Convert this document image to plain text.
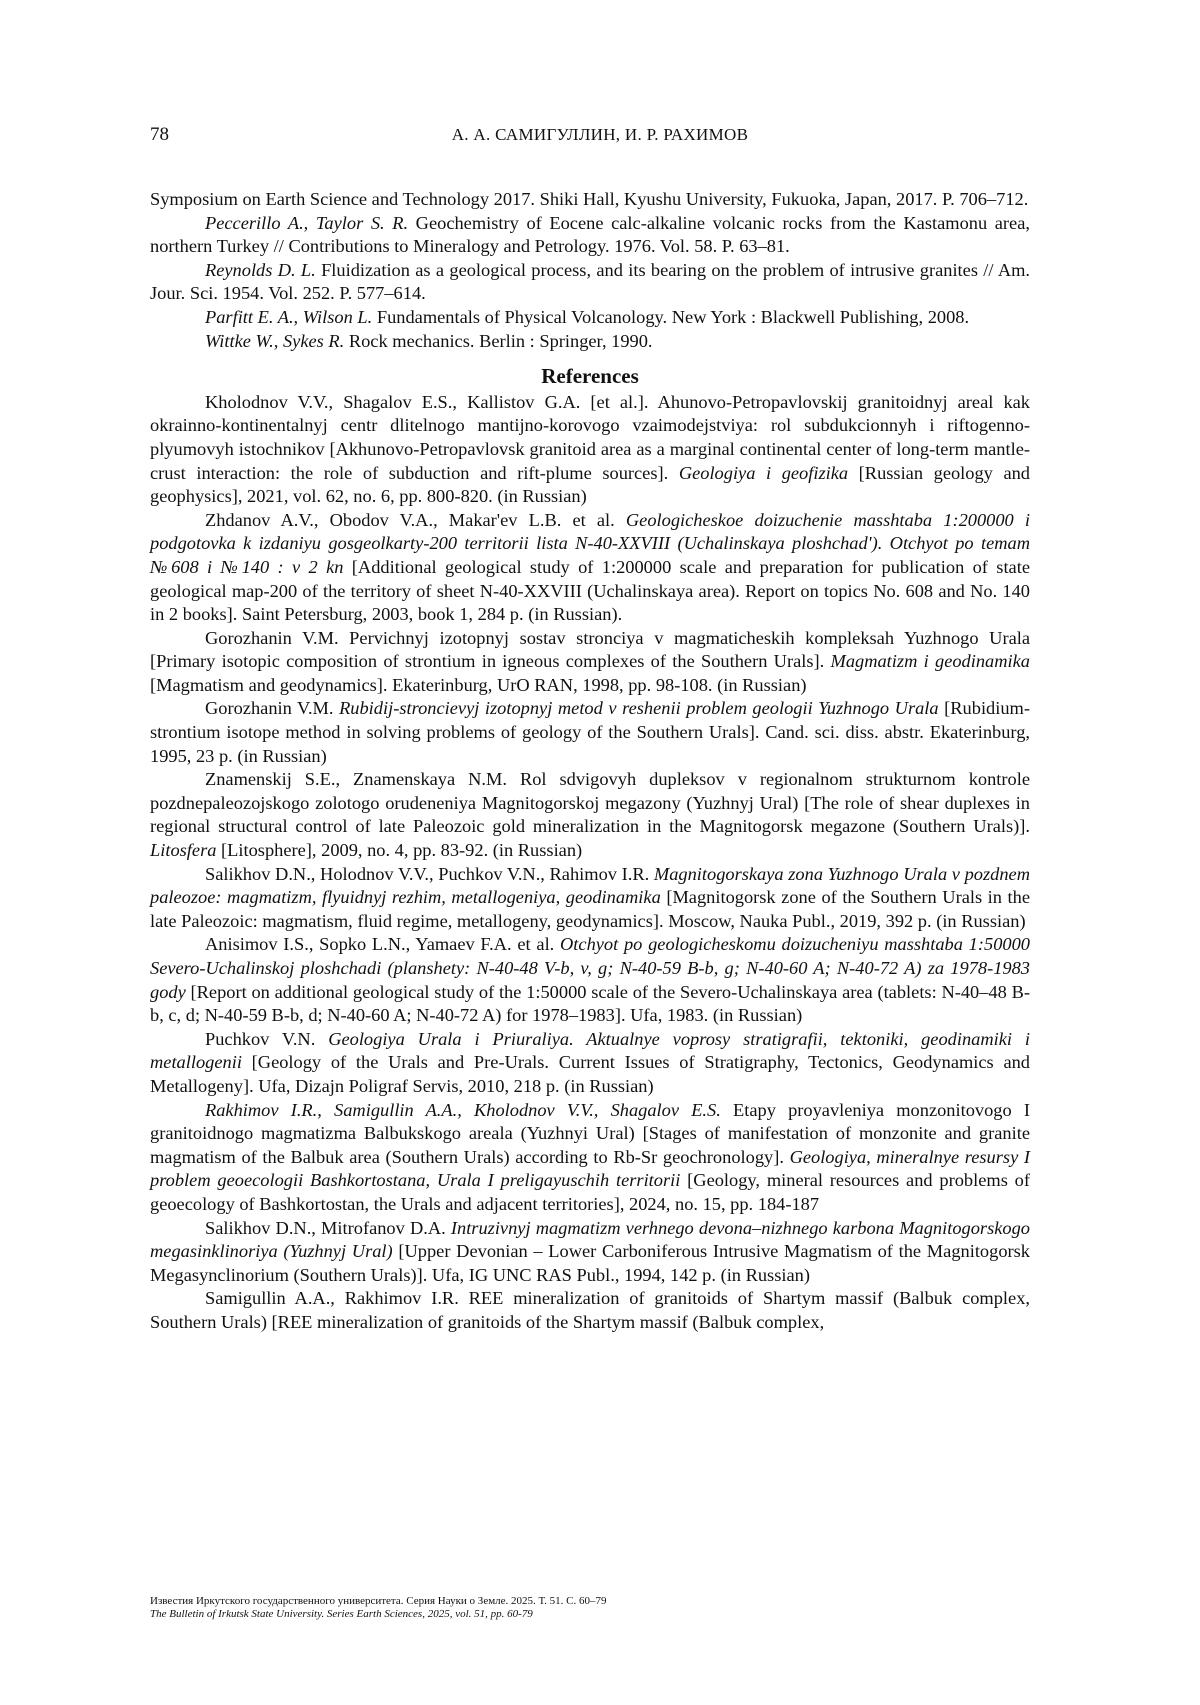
78	А. А. САМИГУЛЛИН, И. Р. РАХИМОВ

Symposium on Earth Science and Technology 2017. Shiki Hall, Kyushu University, Fukuoka, Japan, 2017. P. 706–712.

Peccerillo A., Taylor S. R. Geochemistry of Eocene calc-alkaline volcanic rocks from the Kastamonu area, northern Turkey // Contributions to Mineralogy and Petrology. 1976. Vol. 58. P. 63–81.

Reynolds D. L. Fluidization as a geological process, and its bearing on the problem of intrusive granites // Am. Jour. Sci. 1954. Vol. 252. P. 577–614.

Parfitt E. A., Wilson L. Fundamentals of Physical Volcanology. New York : Blackwell Publishing, 2008.

Wittke W., Sykes R. Rock mechanics. Berlin : Springer, 1990.

References

Kholodnov V.V., Shagalov E.S., Kallistov G.A. [et al.]. Ahunovo-Petropavlovskij granitoidnyj areal kak okrainno-kontinentalnyj centr dlitelnogo mantijno-korovogo vzaimodejstviya: rol subdukcionnyh i riftogenno-plyumovyh istochnikov [Akhunovo-Petropavlovsk granitoid area as a marginal continental center of long-term mantle-crust interaction: the role of subduction and rift-plume sources]. Geologiya i geofizika [Russian geology and geophysics], 2021, vol. 62, no. 6, pp. 800-820. (in Russian)

Zhdanov A.V., Obodov V.A., Makar'ev L.B. et al. Geologicheskoe doizuchenie masshtaba 1:200000 i podgotovka k izdaniyu gosgeolkarty-200 territorii lista N-40-XXVIII (Uchalinskaya ploshchad'). Otchyot po temam №608 i №140 : v 2 kn [Additional geological study of 1:200000 scale and preparation for publication of state geological map-200 of the territory of sheet N-40-XXVIII (Uchalinskaya area). Report on topics No. 608 and No. 140 in 2 books]. Saint Petersburg, 2003, book 1, 284 p. (in Russian).

Gorozhanin V.M. Pervichnyj izotopnyj sostav stronciya v magmaticheskih kompleksah Yuzhnogo Urala [Primary isotopic composition of strontium in igneous complexes of the Southern Urals]. Magmatizm i geodinamika [Magmatism and geodynamics]. Ekaterinburg, UrO RAN, 1998, pp. 98-108. (in Russian)

Gorozhanin V.M. Rubidij-stroncievyj izotopnyj metod v reshenii problem geologii Yuzhnogo Urala [Rubidium-strontium isotope method in solving problems of geology of the Southern Urals]. Cand. sci. diss. abstr. Ekaterinburg, 1995, 23 p. (in Russian)

Znamenskij S.E., Znamenskaya N.M. Rol sdvigovyh dupleksov v regionalnom strukturnom kontrole pozdnepaleozojskogo zolotogo orudeneniya Magnitogorskoj megazony (Yuzhnyj Ural) [The role of shear duplexes in regional structural control of late Paleozoic gold mineralization in the Magnitogorsk megazone (Southern Urals)]. Litosfera [Litosphere], 2009, no. 4, pp. 83-92. (in Russian)

Salikhov D.N., Holodnov V.V., Puchkov V.N., Rahimov I.R. Magnitogorskaya zona Yuzhnogo Urala v pozdnem paleozoe: magmatizm, flyuidnyj rezhim, metallogeniya, geodinamika [Magnitogorsk zone of the Southern Urals in the late Paleozoic: magmatism, fluid regime, metallogeny, geodynamics]. Moscow, Nauka Publ., 2019, 392 p. (in Russian)

Anisimov I.S., Sopko L.N., Yamaev F.A. et al. Otchyot po geologicheskomu doizucheniyu masshtaba 1:50000 Severo-Uchalinskoj ploshchadi (planshety: N-40-48 V-b, v, g; N-40-59 B-b, g; N-40-60 A; N-40-72 A) za 1978-1983 gody [Report on additional geological study of the 1:50000 scale of the Severo-Uchalinskaya area (tablets: N-40–48 B-b, c, d; N-40-59 B-b, d; N-40-60 A; N-40-72 A) for 1978–1983]. Ufa, 1983. (in Russian)

Puchkov V.N. Geologiya Urala i Priuraliya. Aktualnye voprosy stratigrafii, tektoniki, geodinamiki i metallogenii [Geology of the Urals and Pre-Urals. Current Issues of Stratigraphy, Tectonics, Geodynamics and Metallogeny]. Ufa, Dizajn Poligraf Servis, 2010, 218 p. (in Russian)

Rakhimov I.R., Samigullin A.A., Kholodnov V.V., Shagalov E.S. Etapy proyavleniya monzonitovogo I granitoidnogo magmatizma Balbukskogo areala (Yuzhnyi Ural) [Stages of manifestation of monzonite and granite magmatism of the Balbuk area (Southern Urals) according to Rb-Sr geochronology]. Geologiya, mineralnye resursy I problem geoecologii Bashkortostana, Urala I preligayuschih territorii [Geology, mineral resources and problems of geoecology of Bashkortostan, the Urals and adjacent territories], 2024, no. 15, pp. 184-187

Salikhov D.N., Mitrofanov D.A. Intruzivnyj magmatizm verhnego devona–nizhnego karbona Magnitogorskogo megasinklinoriya (Yuzhnyj Ural) [Upper Devonian – Lower Carboniferous Intrusive Magmatism of the Magnitogorsk Megasynclinorium (Southern Urals)]. Ufa, IG UNC RAS Publ., 1994, 142 p. (in Russian)

Samigullin A.A., Rakhimov I.R. REE mineralization of granitoids of Shartym massif (Balbuk complex, Southern Urals) [REE mineralization of granitoids of the Shartym massif (Balbuk complex,

Известия Иркутского государственного университета. Серия Науки о Земле. 2025. Т. 51. С. 60–79
The Bulletin of Irkutsk State University. Series Earth Sciences, 2025, vol. 51, pp. 60-79
